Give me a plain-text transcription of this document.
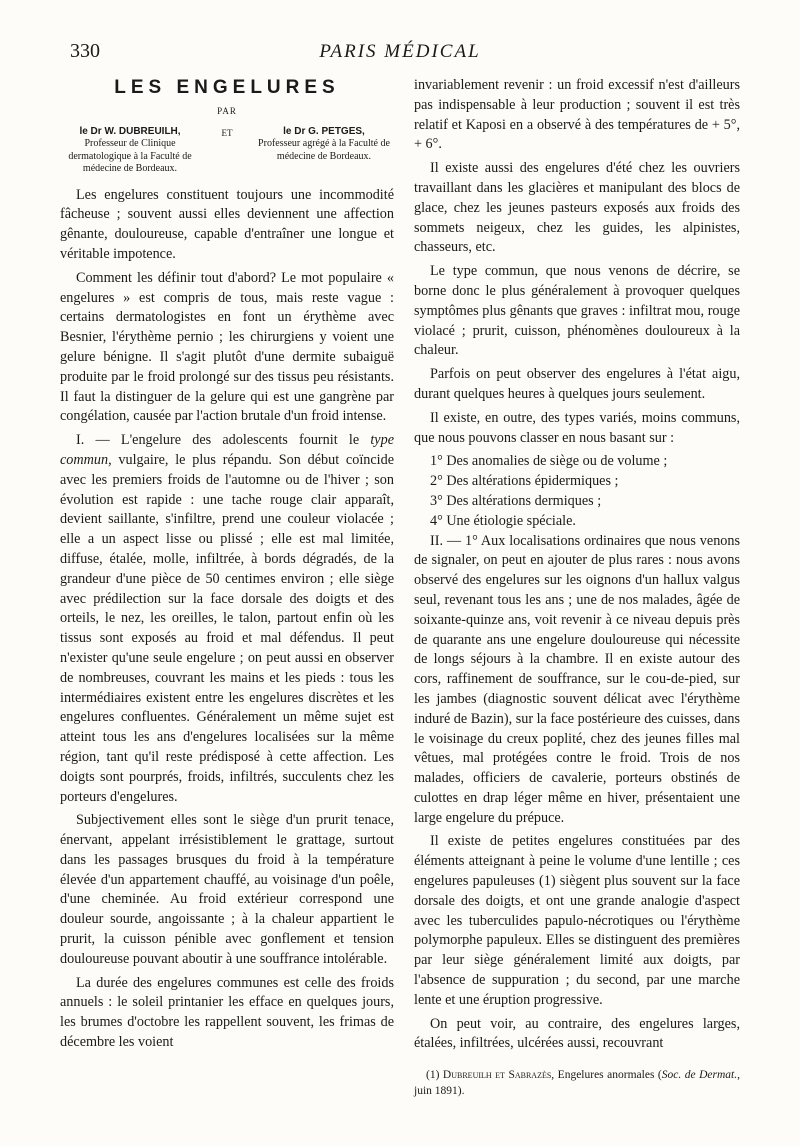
330	PARIS MÉDICAL
LES ENGELURES
PAR
le Dr W. DUBREUILH,
Professeur de Clinique dermatologique à la Faculté de médecine de Bordeaux.
ET	le Dr G. PETGES,
Professeur agrégé à la Faculté de médecine de Bordeaux.

Les engelures constituent toujours une incommodité fâcheuse ; souvent aussi elles deviennent une affection gênante, douloureuse, capable d'entraîner une longue et véritable impotence.

Comment les définir tout d'abord? Le mot populaire « engelures » est compris de tous, mais reste vague : certains dermatologistes en font un érythème avec Besnier, l'érythème pernio ; les chirurgiens y voient une gelure bénigne. Il s'agit plutôt d'une dermite subaiguë produite par le froid prolongé sur des tissus peu résistants. Il faut la distinguer de la gelure qui est une gangrène par congélation, causée par l'action brutale d'un froid intense.

I. — L'engelure des adolescents fournit le type commun, vulgaire, le plus répandu. Son début coïncide avec les premiers froids de l'automne ou de l'hiver ; son évolution est rapide : une tache rouge clair apparaît, devient saillante, s'infiltre, prend une couleur violacée ; elle a un aspect lisse ou plissé ; elle est mal limitée, diffuse, étalée, molle, infiltrée, à bords dégradés, de la grandeur d'une pièce de 50 centimes environ ; elle siège avec prédilection sur la face dorsale des doigts et des orteils, le nez, les oreilles, le talon, partout enfin où les tissus sont exposés au froid et mal défendus. Il peut n'exister qu'une seule engelure ; on peut aussi en observer de nombreuses, couvrant les mains et les pieds : tous les intermédiaires existent entre les engelures discrètes et les engelures confluentes. Généralement un même sujet est atteint tous les ans d'engelures localisées sur la même région, tant qu'il reste prédisposé à cette affection. Les doigts sont pourprés, froids, infiltrés, succulents chez les porteurs d'engelures.

Subjectivement elles sont le siège d'un prurit tenace, énervant, appelant irrésistiblement le grattage, surtout dans les passages brusques du froid à la température élevée d'un appartement chauffé, au voisinage d'un poêle, d'une cheminée. Au froid extérieur correspond une douleur sourde, angoissante ; à la chaleur appartient le prurit, la cuisson pénible avec gonflement et tension douloureuse pouvant aboutir à une souffrance intolérable.

La durée des engelures communes est celle des froids annuels : le soleil printanier les efface en quelques jours, les brumes d'octobre les rappellent souvent, les frimas de décembre les voient

invariablement revenir : un froid excessif n'est d'ailleurs pas indispensable à leur production ; souvent il est très relatif et Kaposi en a observé à des températures de + 5°, + 6°.

Il existe aussi des engelures d'été chez les ouvriers travaillant dans les glacières et manipulant des blocs de glace, chez les jeunes pasteurs exposés aux froids des sommets neigeux, chez les guides, les alpinistes, chasseurs, etc.

Le type commun, que nous venons de décrire, se borne donc le plus généralement à provoquer quelques symptômes plus gênants que graves : infiltrat mou, rouge violacé ; prurit, cuisson, phénomènes douloureux à la chaleur.

Parfois on peut observer des engelures à l'état aigu, durant quelques heures à quelques jours seulement.

Il existe, en outre, des types variés, moins communs, que nous pouvons classer en nous basant sur :

1° Des anomalies de siège ou de volume ;
2° Des altérations épidermiques ;
3° Des altérations dermiques ;
4° Une étiologie spéciale.

II. — 1° Aux localisations ordinaires que nous venons de signaler, on peut en ajouter de plus rares : nous avons observé des engelures sur les oignons d'un hallux valgus seul, revenant tous les ans ; une de nos malades, âgée de soixante-quinze ans, voit revenir à ce niveau depuis près de quarante ans une engelure douloureuse qui nécessite de longs séjours à la chambre. Il en existe autour des cors, raffinement de souffrance, sur le cou-de-pied, sur les jambes (diagnostic souvent délicat avec l'érythème induré de Bazin), sur la face postérieure des cuisses, dans le voisinage du creux poplité, chez des jeunes filles mal vêtues, mal protégées contre le froid. Trois de nos malades, officiers de cavalerie, porteurs obstinés de culottes en drap léger même en hiver, présentaient une large engelure du prépuce.

Il existe de petites engelures constituées par des éléments atteignant à peine le volume d'une lentille ; ces engelures papuleuses (1) siègent plus souvent sur la face dorsale des doigts, et ont une grande analogie d'aspect avec les tuberculides papulo-nécrotiques ou l'érythème polymorphe papuleux. Elles se distinguent des premières par leur siège généralement limité aux doigts, par l'absence de suppuration ; du second, par une marche lente et une éruption progressive.

On peut voir, au contraire, des engelures larges, étalées, infiltrées, ulcérées aussi, recouvrant

(1) Dubreuilh et Sabrazès, Engelures anormales (Soc. de Dermat., juin 1891).
